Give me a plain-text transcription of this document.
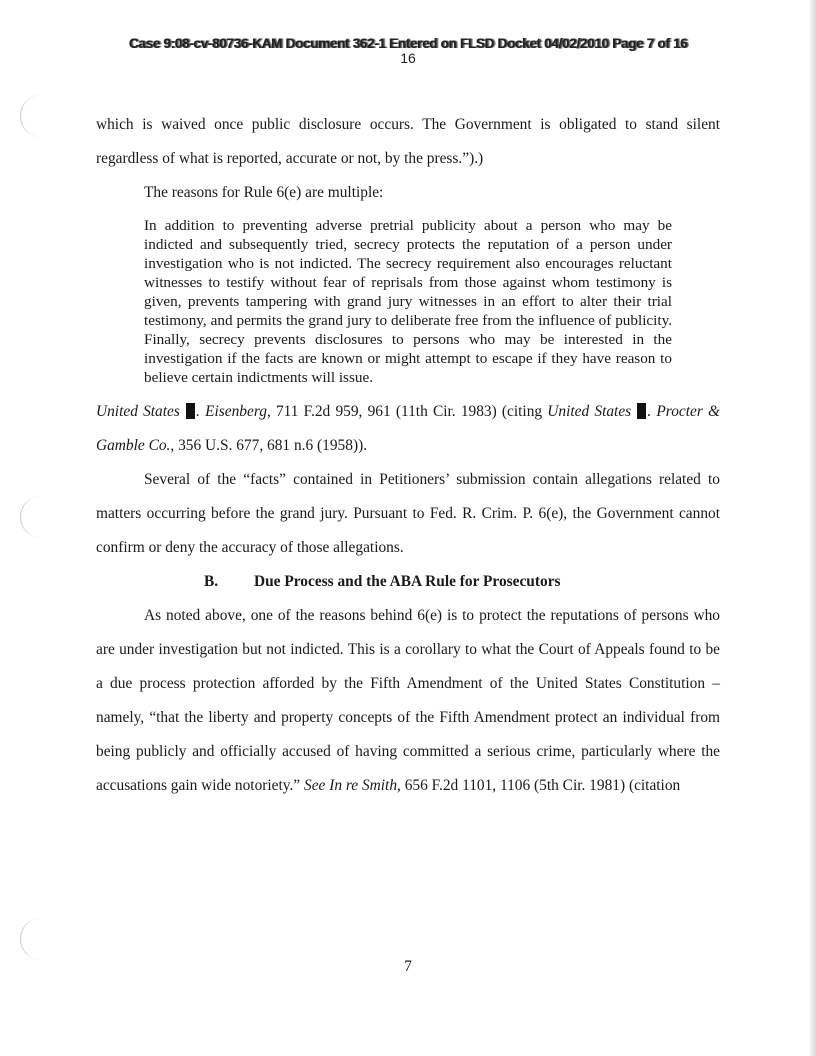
Case 9:08-cv-80736-KAM Document 362-1 Entered on FLSD Docket 04/02/2010 Page 7 of 16
16

which is waived once public disclosure occurs. The Government is obligated to stand silent regardless of what is reported, accurate or not, by the press.”).)

The reasons for Rule 6(e) are multiple:

In addition to preventing adverse pretrial publicity about a person who may be indicted and subsequently tried, secrecy protects the reputation of a person under investigation who is not indicted. The secrecy requirement also encourages reluctant witnesses to testify without fear of reprisals from those against whom testimony is given, prevents tampering with grand jury witnesses in an effort to alter their trial testimony, and permits the grand jury to deliberate free from the influence of publicity. Finally, secrecy prevents disclosures to persons who may be interested in the investigation if the facts are known or might attempt to escape if they have reason to believe certain indictments will issue.

United States . Eisenberg, 711 F.2d 959, 961 (11th Cir. 1983) (citing United States . Procter & Gamble Co., 356 U.S. 677, 681 n.6 (1958)).

Several of the “facts” contained in Petitioners’ submission contain allegations related to matters occurring before the grand jury. Pursuant to Fed. R. Crim. P. 6(e), the Government cannot confirm or deny the accuracy of those allegations.

B. Due Process and the ABA Rule for Prosecutors

As noted above, one of the reasons behind 6(e) is to protect the reputations of persons who are under investigation but not indicted. This is a corollary to what the Court of Appeals found to be a due process protection afforded by the Fifth Amendment of the United States Constitution – namely, “that the liberty and property concepts of the Fifth Amendment protect an individual from being publicly and officially accused of having committed a serious crime, particularly where the accusations gain wide notoriety.” See In re Smith, 656 F.2d 1101, 1106 (5th Cir. 1981) (citation

7
